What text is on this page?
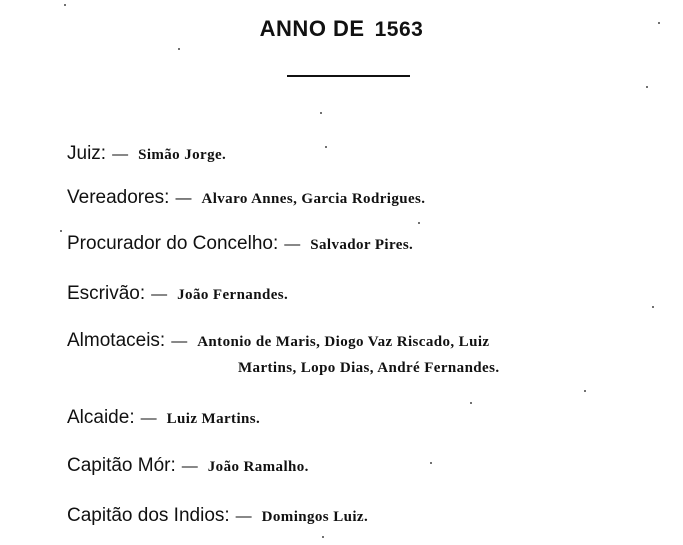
ANNO DE 1563
Juiz: — Simão Jorge.
Vereadores: — Alvaro Annes, Garcia Rodrigues.
Procurador do Concelho: — Salvador Pires.
Escrivão: — João Fernandes.
Almotaceis: — Antonio de Maris, Diogo Vaz Riscado, Luiz
Martins, Lopo Dias, André Fernandes.
Alcaide: — Luiz Martins.
Capitão Mór: — João Ramalho.
Capitão dos Indios: — Domingos Luiz.
